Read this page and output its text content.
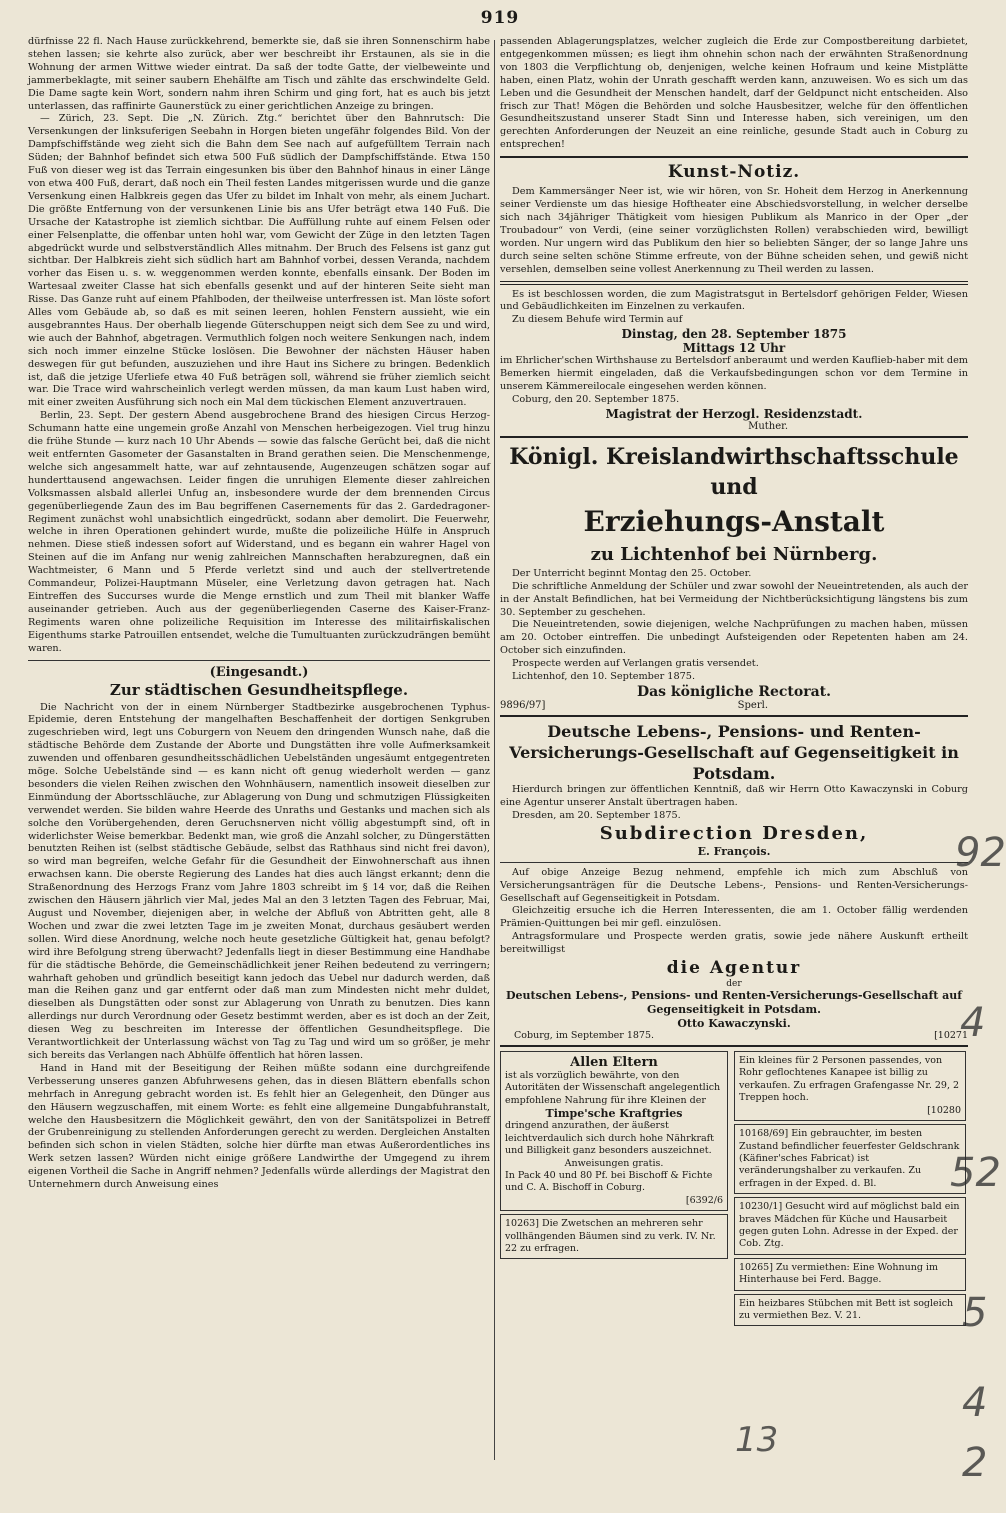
919

dürfnisse 22 fl. Nach Hause zurückkehrend, bemerkte sie, daß sie ihren Sonnenschirm habe stehen lassen; sie kehrte also zurück, aber wer beschreibt ihr Erstaunen, als sie in die Wohnung der armen Wittwe wieder eintrat. Da saß der todte Gatte, der vielbeweinte und jammerbeklagte, mit seiner saubern Ehehälfte am Tisch und zählte das erschwindelte Geld. Die Dame sagte kein Wort, sondern nahm ihren Schirm und ging fort, hat es auch bis jetzt unterlassen, das raffinirte Gaunerstück zu einer gerichtlichen Anzeige zu bringen.

— Zürich, 23. Sept. Die „N. Zürich. Ztg.“ berichtet über den Bahnrutsch: Die Versenkungen der linksuferigen Seebahn in Horgen bieten ungefähr folgendes Bild. Von der Dampfschiffstände weg zieht sich die Bahn dem See nach auf aufgefülltem Terrain nach Süden; der Bahnhof befindet sich etwa 500 Fuß südlich der Dampfschiffstände. Etwa 150 Fuß von dieser weg ist das Terrain eingesunken bis über den Bahnhof hinaus in einer Länge von etwa 400 Fuß, derart, daß noch ein Theil festen Landes mitgerissen wurde und die ganze Versenkung einen Halbkreis gegen das Ufer zu bildet im Inhalt von mehr, als einem Juchart. Die größte Entfernung von der versunkenen Linie bis ans Ufer beträgt etwa 140 Fuß. Die Ursache der Katastrophe ist ziemlich sichtbar. Die Auffüllung ruhte auf einem Felsen oder einer Felsenplatte, die offenbar unten hohl war, vom Gewicht der Züge in den letzten Tagen abgedrückt wurde und selbstverständlich Alles mitnahm. Der Bruch des Felsens ist ganz gut sichtbar. Der Halbkreis zieht sich südlich hart am Bahnhof vorbei, dessen Veranda, nachdem vorher das Eisen u. s. w. weggenommen werden konnte, ebenfalls einsank. Der Boden im Wartesaal zweiter Classe hat sich ebenfalls gesenkt und auf der hinteren Seite sieht man Risse. Das Ganze ruht auf einem Pfahlboden, der theilweise unterfressen ist. Man löste sofort Alles vom Gebäude ab, so daß es mit seinen leeren, hohlen Fenstern aussieht, wie ein ausgebranntes Haus. Der oberhalb liegende Güterschuppen neigt sich dem See zu und wird, wie auch der Bahnhof, abgetragen. Vermuthlich folgen noch weitere Senkungen nach, indem sich noch immer einzelne Stücke loslösen. Die Bewohner der nächsten Häuser haben deswegen für gut befunden, auszuziehen und ihre Haut ins Sichere zu bringen. Bedenklich ist, daß die jetzige Uferliefe etwa 40 Fuß beträgen soll, während sie früher ziemlich seicht war. Die Trace wird wahrscheinlich verlegt werden müssen, da man kaum Lust haben wird, mit einer zweiten Ausführung sich noch ein Mal dem tückischen Element anzuvertrauen.

Berlin, 23. Sept. Der gestern Abend ausgebrochene Brand des hiesigen Circus Herzog-Schumann hatte eine ungemein große Anzahl von Menschen herbeigezogen. Viel trug hinzu die frühe Stunde — kurz nach 10 Uhr Abends — sowie das falsche Gerücht bei, daß die nicht weit entfernten Gasometer der Gasanstalten in Brand gerathen seien. Die Menschenmenge, welche sich angesammelt hatte, war auf zehntausende, Augenzeugen schätzen sogar auf hunderttausend angewachsen. Leider fingen die unruhigen Elemente dieser zahlreichen Volksmassen alsbald allerlei Unfug an, insbesondere wurde der dem brennenden Circus gegenüberliegende Zaun des im Bau begriffenen Casernements für das 2. Gardedragoner-Regiment zunächst wohl unabsichtlich eingedrückt, sodann aber demolirt. Die Feuerwehr, welche in ihren Operationen gehindert wurde, mußte die polizeiliche Hülfe in Anspruch nehmen. Diese stieß indessen sofort auf Widerstand, und es begann ein wahrer Hagel von Steinen auf die im Anfang nur wenig zahlreichen Mannschaften herabzuregnen, daß ein Wachtmeister, 6 Mann und 5 Pferde verletzt sind und auch der stellvertretende Commandeur, Polizei-Hauptmann Müseler, eine Verletzung davon getragen hat. Nach Eintreffen des Succurses wurde die Menge ernstlich und zum Theil mit blanker Waffe auseinander getrieben. Auch aus der gegenüberliegenden Caserne des Kaiser-Franz-Regiments waren ohne polizeiliche Requisition im Interesse des militairfiskalischen Eigenthums starke Patrouillen entsendet, welche die Tumultuanten zurückzudrängen bemüht waren.

(Eingesandt.)
Zur städtischen Gesundheitspflege.

Die Nachricht von der in einem Nürnberger Stadtbezirke ausgebrochenen Typhus-Epidemie, deren Entstehung der mangelhaften Beschaffenheit der dortigen Senkgruben zugeschrieben wird, legt uns Coburgern von Neuem den dringenden Wunsch nahe, daß die städtische Behörde dem Zustande der Aborte und Dungstätten ihre volle Aufmerksamkeit zuwenden und offenbaren gesundheitsschädlichen Uebelständen ungesäumt entgegentreten möge. Solche Uebelstände sind — es kann nicht oft genug wiederholt werden — ganz besonders die vielen Reihen zwischen den Wohnhäusern, namentlich insoweit dieselben zur Einmündung der Abortsschläuche, zur Ablagerung von Dung und schmutzigen Flüssigkeiten verwendet werden. Sie bilden wahre Heerde des Unraths und Gestanks und machen sich als solche den Vorübergehenden, deren Geruchsnerven nicht völlig abgestumpft sind, oft in widerlichster Weise bemerkbar. Bedenkt man, wie groß die Anzahl solcher, zu Düngerstätten benutzten Reihen ist (selbst städtische Gebäude, selbst das Rathhaus sind nicht frei davon), so wird man begreifen, welche Gefahr für die Gesundheit der Einwohnerschaft aus ihnen erwachsen kann. Die oberste Regierung des Landes hat dies auch längst erkannt; denn die Straßenordnung des Herzogs Franz vom Jahre 1803 schreibt im § 14 vor, daß die Reihen zwischen den Häusern jährlich vier Mal, jedes Mal an den 3 letzten Tagen des Februar, Mai, August und November, diejenigen aber, in welche der Abfluß von Abtritten geht, alle 8 Wochen und zwar die zwei letzten Tage im je zweiten Monat, durchaus gesäubert werden sollen. Wird diese Anordnung, welche noch heute gesetzliche Gültigkeit hat, genau befolgt? wird ihre Befolgung streng überwacht? Jedenfalls liegt in dieser Bestimmung eine Handhabe für die städtische Behörde, die Gemeinschädlichkeit jener Reihen bedeutend zu verringern; wahrhaft gehoben und gründlich beseitigt kann jedoch das Uebel nur dadurch werden, daß man die Reihen ganz und gar entfernt oder daß man zum Mindesten nicht mehr duldet, dieselben als Dungstätten oder sonst zur Ablagerung von Unrath zu benutzen. Dies kann allerdings nur durch Verordnung oder Gesetz bestimmt werden, aber es ist doch an der Zeit, diesen Weg zu beschreiten im Interesse der öffentlichen Gesundheitspflege. Die Verantwortlichkeit der Unterlassung wächst von Tag zu Tag und wird um so größer, je mehr sich bereits das Verlangen nach Abhülfe öffentlich hat hören lassen.

Hand in Hand mit der Beseitigung der Reihen müßte sodann eine durchgreifende Verbesserung unseres ganzen Abfuhrwesens gehen, das in diesen Blättern ebenfalls schon mehrfach in Anregung gebracht worden ist. Es fehlt hier an Gelegenheit, den Dünger aus den Häusern wegzuschaffen, mit einem Worte: es fehlt eine allgemeine Dungabfuhranstalt, welche den Hausbesitzern die Möglichkeit gewährt, den von der Sanitätspolizei in Betreff der Grubenreinigung zu stellenden Anforderungen gerecht zu werden. Dergleichen Anstalten befinden sich schon in vielen Städten, solche hier dürfte man etwas Außerordentliches ins Werk setzen lassen? Würden nicht einige größere Landwirthe der Umgegend zu ihrem eigenen Vortheil die Sache in Angriff nehmen? Jedenfalls würde allerdings der Magistrat den Unternehmern durch Anweisung eines

passenden Ablagerungsplatzes, welcher zugleich die Erde zur Compostbereitung darbietet, entgegenkommen müssen; es liegt ihm ohnehin schon nach der erwähnten Straßenordnung von 1803 die Verpflichtung ob, denjenigen, welche keinen Hofraum und keine Mistplätte haben, einen Platz, wohin der Unrath geschafft werden kann, anzuweisen. Wo es sich um das Leben und die Gesundheit der Menschen handelt, darf der Geldpunct nicht entscheiden. Also frisch zur That! Mögen die Behörden und solche Hausbesitzer, welche für den öffentlichen Gesundheitszustand unserer Stadt Sinn und Interesse haben, sich vereinigen, um den gerechten Anforderungen der Neuzeit an eine reinliche, gesunde Stadt auch in Coburg zu entsprechen!

Kunst-Notiz.

Dem Kammersänger Neer ist, wie wir hören, von Sr. Hoheit dem Herzog in Anerkennung seiner Verdienste um das hiesige Hoftheater eine Abschiedsvorstellung, in welcher derselbe sich nach 34jähriger Thätigkeit vom hiesigen Publikum als Manrico in der Oper „der Troubadour“ von Verdi, (eine seiner vorzüglichsten Rollen) verabschieden wird, bewilligt worden. Nur ungern wird das Publikum den hier so beliebten Sänger, der so lange Jahre uns durch seine selten schöne Stimme erfreute, von der Bühne scheiden sehen, und gewiß nicht versehlen, demselben seine vollest Anerkennung zu Theil werden zu lassen.

Es ist beschlossen worden, die zum Magistratsgut in Bertelsdorf gehörigen Felder, Wiesen und Gebäudlichkeiten im Einzelnen zu verkaufen.

Zu diesem Behufe wird Termin auf

Dinstag, den 28. September 1875
Mittags 12 Uhr

im Ehrlicher'schen Wirthshause zu Bertelsdorf anberaumt und werden Kauflieb-haber mit dem Bemerken hiermit eingeladen, daß die Verkaufsbedingungen schon vor dem Termine in unserem Kämmereilocale eingesehen werden können.

Coburg, den 20. September 1875.

Magistrat der Herzogl. Residenzstadt.
Muther.
Königl. Kreislandwirthschaftsschule und
Erziehungs-Anstalt
zu Lichtenhof bei Nürnberg.

Der Unterricht beginnt Montag den 25. October.

Die schriftliche Anmeldung der Schüler und zwar sowohl der Neueintretenden, als auch der in der Anstalt Befindlichen, hat bei Vermeidung der Nichtberücksichtigung längstens bis zum 30. September zu geschehen.

Die Neueintretenden, sowie diejenigen, welche Nachprüfungen zu machen haben, müssen am 20. October eintreffen. Die unbedingt Aufsteigenden oder Repetenten haben am 24. October sich einzufinden.

Prospecte werden auf Verlangen gratis versendet.

Lichtenhof, den 10. September 1875.

Das königliche Rectorat.
9896/97]	Sperl.
Deutsche Lebens-, Pensions- und Renten-Versicherungs-Gesellschaft auf Gegenseitigkeit in Potsdam.

Hierdurch bringen zur öffentlichen Kenntniß, daß wir Herrn Otto Kawaczynski in Coburg eine Agentur unserer Anstalt übertragen haben.

Dresden, am 20. September 1875.

Subdirection Dresden,
E. François.

Auf obige Anzeige Bezug nehmend, empfehle ich mich zum Abschluß von Versicherungsanträgen für die Deutsche Lebens-, Pensions- und Renten-Versicherungs-Gesellschaft auf Gegenseitigkeit in Potsdam.

Gleichzeitig ersuche ich die Herren Interessenten, die am 1. October fällig werdenden Prämien-Quittungen bei mir gefl. einzulösen.

Antragsformulare und Prospecte werden gratis, sowie jede nähere Auskunft ertheilt bereitwilligst

die Agentur
der
Deutschen Lebens-, Pensions- und Renten-Versicherungs-Gesellschaft auf Gegenseitigkeit in Potsdam.
Otto Kawaczynski.
Coburg, im September 1875.	[10271
Allen Eltern

ist als vorzüglich bewährte, von den Autoritäten der Wissenschaft angelegentlich empfohlene Nahrung für ihre Kleinen der

Timpe'sche Kraftgries

dringend anzurathen, der äußerst leichtverdaulich sich durch hohe Nährkraft und Billigkeit ganz besonders auszeichnet.

Anweisungen gratis.

In Pack 40 und 80 Pf. bei Bischoff & Fichte und C. A. Bischoff in Coburg.

[6392/6

10263] Die Zwetschen an mehreren sehr vollhängenden Bäumen sind zu verk. IV. Nr. 22 zu erfragen.

Ein kleines für 2 Personen passendes, von Rohr geflochtenes Kanapee ist billig zu verkaufen. Zu erfragen Grafengasse Nr. 29, 2 Treppen hoch.

[10280

10168/69] Ein gebrauchter, im besten Zustand befindlicher feuerfester Geldschrank (Käfiner'sches Fabricat) ist veränderungshalber zu verkaufen. Zu erfragen in der Exped. d. Bl.

10230/1] Gesucht wird auf möglichst bald ein braves Mädchen für Küche und Hausarbeit gegen guten Lohn. Adresse in der Exped. der Cob. Ztg.

10265] Zu vermiethen: Eine Wohnung im Hinterhause bei Ferd. Bagge.

Ein heizbares Stübchen mit Bett ist sogleich zu vermiethen Bez. V. 21.

92
4
52
13
5
4
2
